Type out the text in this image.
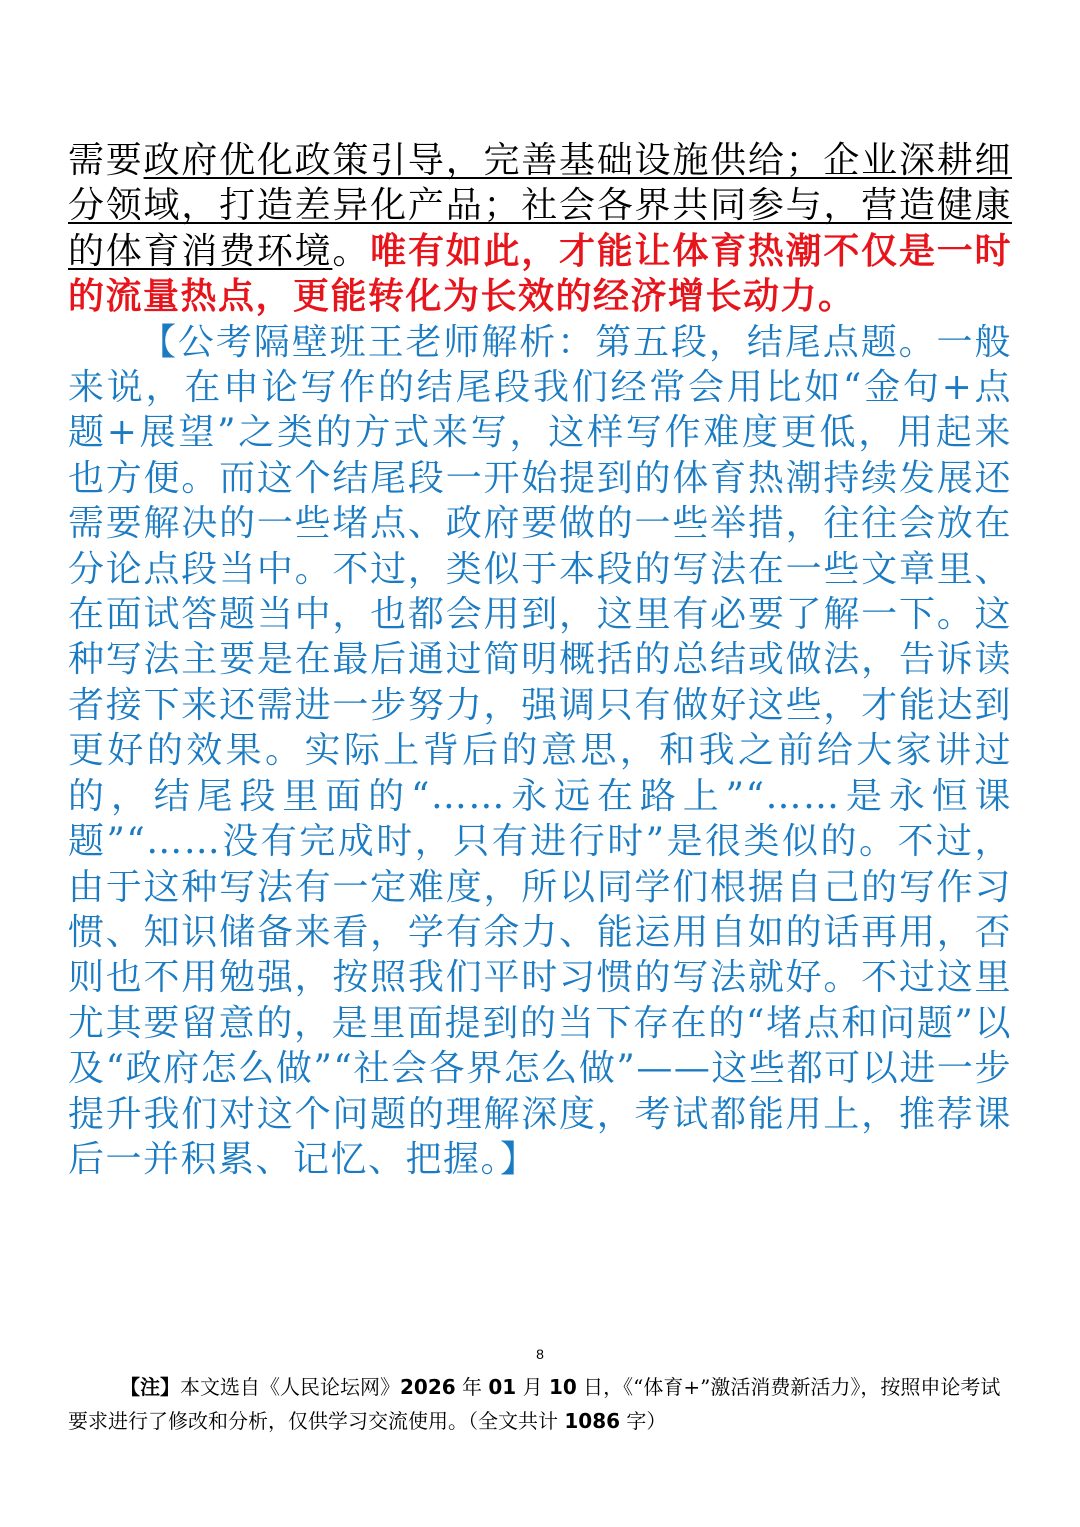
需要政府优化政策引导，完善基础设施供给；企业深耕细分领域，打造差异化产品；社会各界共同参与，营造健康的体育消费环境。唯有如此，才能让体育热潮不仅是一时的流量热点，更能转化为长效的经济增长动力。

【公考隔壁班王老师解析：第五段，结尾点题。一般来说，在申论写作的结尾段我们经常会用比如“金句+点题+展望”之类的方式来写，这样写作难度更低，用起来也方便。而这个结尾段一开始提到的体育热潮持续发展还需要解决的一些堵点、政府要做的一些举措，往往会放在分论点段当中。不过，类似于本段的写法在一些文章里、在面试答题当中，也都会用到，这里有必要了解一下。这种写法主要是在最后通过简明概括的总结或做法，告诉读者接下来还需进一步努力，强调只有做好这些，才能达到更好的效果。实际上背后的意思，和我之前给大家讲过的，结尾段里面的“……永远在路上”“……是永恒课题”“……没有完成时，只有进行时”是很类似的。不过，由于这种写法有一定难度，所以同学们根据自己的写作习惯、知识储备来看，学有余力、能运用自如的话再用，否则也不用勉强，按照我们平时习惯的写法就好。不过这里尤其要留意的，是里面提到的当下存在的“堵点和问题”以及“政府怎么做”“社会各界怎么做”——这些都可以进一步提升我们对这个问题的理解深度，考试都能用上，推荐课后一并积累、记忆、把握。】

8
【注】本文选自《人民论坛网》2026 年 01 月 10 日，《“体育+”激活消费新活力》，按照申论考试要求进行了修改和分析，仅供学习交流使用。（全文共计 1086 字）
